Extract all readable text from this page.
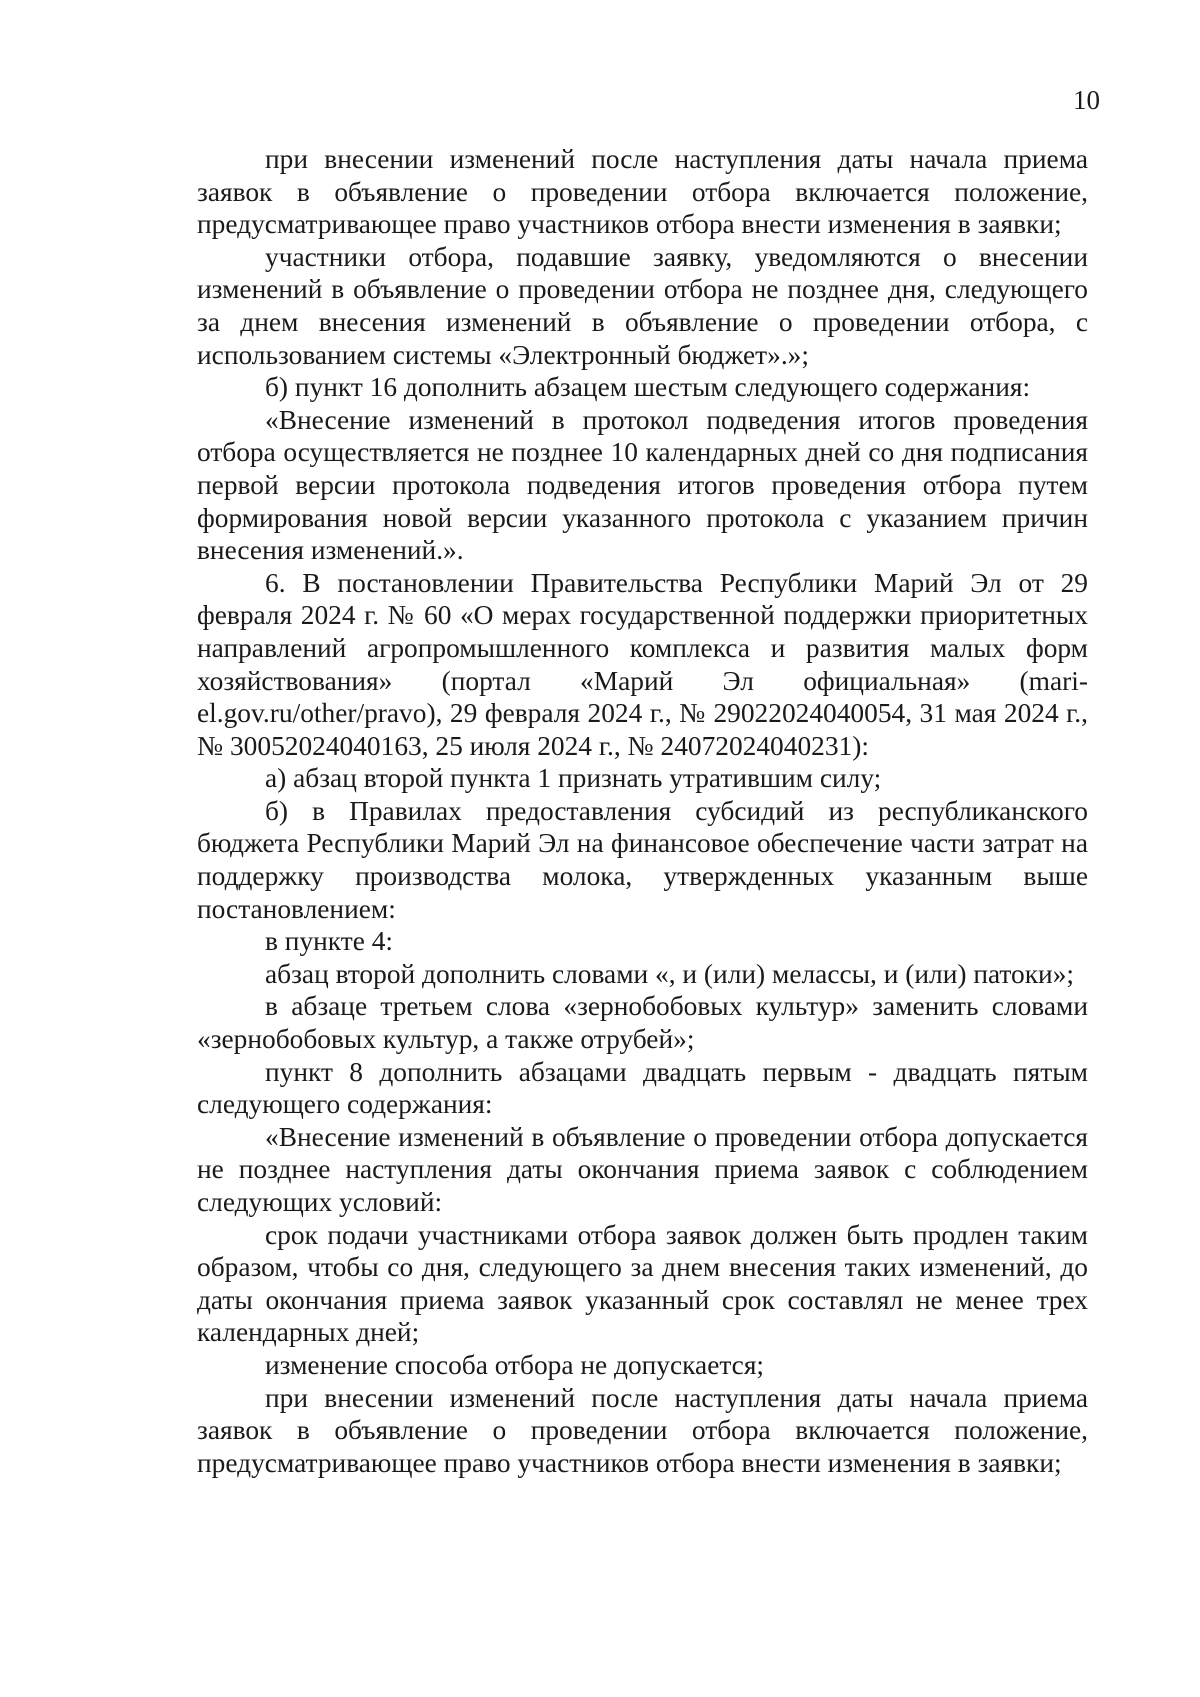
10

при внесении изменений после наступления даты начала приема заявок в объявление о проведении отбора включается положение, предусматривающее право участников отбора внести изменения в заявки;

участники отбора, подавшие заявку, уведомляются о внесении изменений в объявление о проведении отбора не позднее дня, следующего за днем внесения изменений в объявление о проведении отбора, с использованием системы «Электронный бюджет».»;

б) пункт 16 дополнить абзацем шестым следующего содержания:

«Внесение изменений в протокол подведения итогов проведения отбора осуществляется не позднее 10 календарных дней со дня подписания первой версии протокола подведения итогов проведения отбора путем формирования новой версии указанного протокола с указанием причин внесения изменений.».

6. В постановлении Правительства Республики Марий Эл от 29 февраля 2024 г. № 60 «О мерах государственной поддержки приоритетных направлений агропромышленного комплекса и развития малых форм хозяйствования» (портал «Марий Эл официальная» (mari-el.gov.ru/other/pravo), 29 февраля 2024 г., № 29022024040054, 31 мая 2024 г., № 30052024040163, 25 июля 2024 г., № 24072024040231):

а) абзац второй пункта 1 признать утратившим силу;

б) в Правилах предоставления субсидий из республиканского бюджета Республики Марий Эл на финансовое обеспечение части затрат на поддержку производства молока, утвержденных указанным выше постановлением:

в пункте 4:

абзац второй дополнить словами «, и (или) мелассы, и (или) патоки»;

в абзаце третьем слова «зернобобовых культур» заменить словами «зернобобовых культур, а также отрубей»;

пункт 8 дополнить абзацами двадцать первым - двадцать пятым следующего содержания:

«Внесение изменений в объявление о проведении отбора допускается не позднее наступления даты окончания приема заявок с соблюдением следующих условий:

срок подачи участниками отбора заявок должен быть продлен таким образом, чтобы со дня, следующего за днем внесения таких изменений, до даты окончания приема заявок указанный срок составлял не менее трех календарных дней;

изменение способа отбора не допускается;

при внесении изменений после наступления даты начала приема заявок в объявление о проведении отбора включается положение, предусматривающее право участников отбора внести изменения в заявки;
